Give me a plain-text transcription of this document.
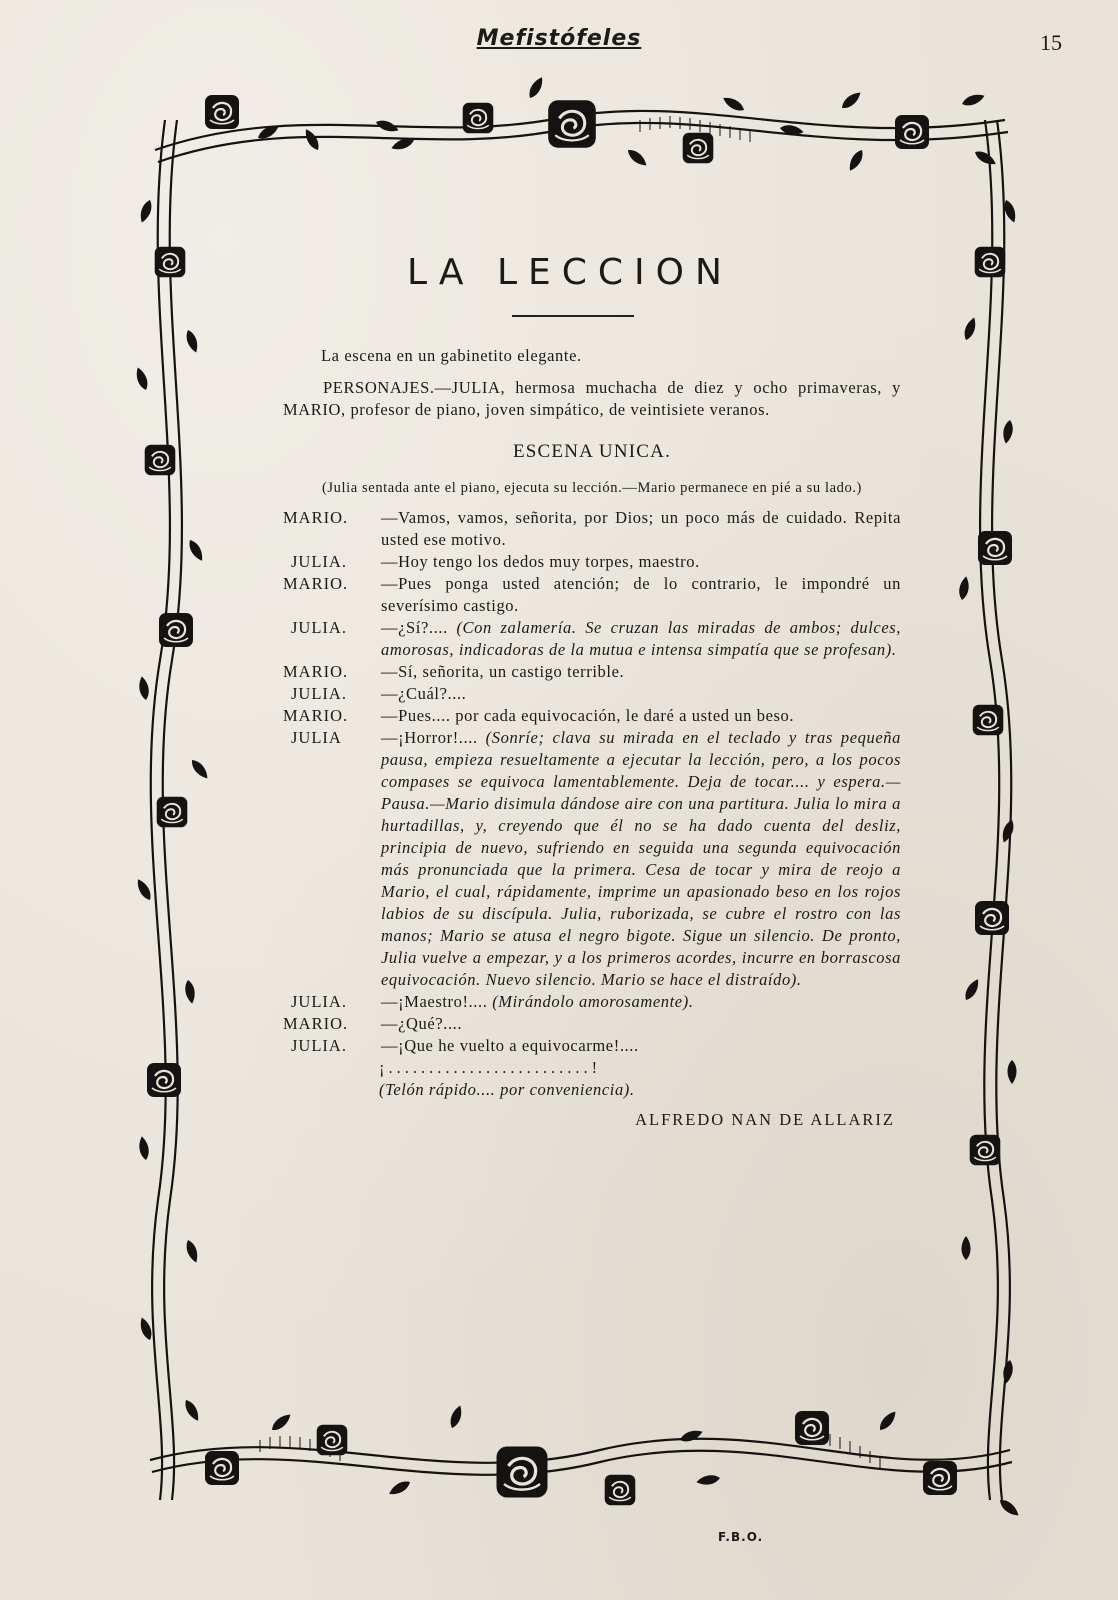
Mefistófeles	15
LA LECCION

La escena en un gabinetito elegante.

PERSONAJES.—JULIA, hermosa muchacha de diez y ocho primaveras, y MARIO, profesor de piano, joven simpático, de veintisiete veranos.

ESCENA UNICA.

(Julia sentada ante el piano, ejecuta su lección.—Mario permanece en pié a su lado.)

MARIO.	—Vamos, vamos, señorita, por Dios; un poco más de cuidado. Repita usted ese motivo.
JULIA.	—Hoy tengo los dedos muy torpes, maestro.
MARIO.	—Pues ponga usted atención; de lo contrario, le impondré un severísimo castigo.
JULIA.	—¿Sí?.... (Con zalamería. Se cruzan las miradas de ambos; dulces, amorosas, indicadoras de la mutua e intensa simpatía que se profesan).
MARIO.	—Sí, señorita, un castigo terrible.
JULIA.	—¿Cuál?....
MARIO.	—Pues.... por cada equivocación, le daré a usted un beso.
JULIA	—¡Horror!.... (Sonríe; clava su mirada en el teclado y tras pequeña pausa, empieza resueltamente a ejecutar la lección, pero, a los pocos compases se equivoca lamentablemente. Deja de tocar.... y espera.—Pausa.—Mario disimula dándose aire con una partitura. Julia lo mira a hurtadillas, y, creyendo que él no se ha dado cuenta del desliz, principia de nuevo, sufriendo en seguida una segunda equivocación más pronunciada que la primera. Cesa de tocar y mira de reojo a Mario, el cual, rápidamente, imprime un apasionado beso en los rojos labios de su discípula. Julia, ruborizada, se cubre el rostro con las manos; Mario se atusa el negro bigote. Sigue un silencio. De pronto, Julia vuelve a empezar, y a los primeros acordes, incurre en borrascosa equivocación. Nuevo silencio. Mario se hace el distraído).
JULIA.	—¡Maestro!.... (Mirándolo amorosamente).
MARIO.	—¿Qué?....
JULIA.	—¡Que he vuelto a equivocarme!....

¡.........................!

(Telón rápido.... por conveniencia).

ALFREDO NAN DE ALLARIZ

F.B.O.
